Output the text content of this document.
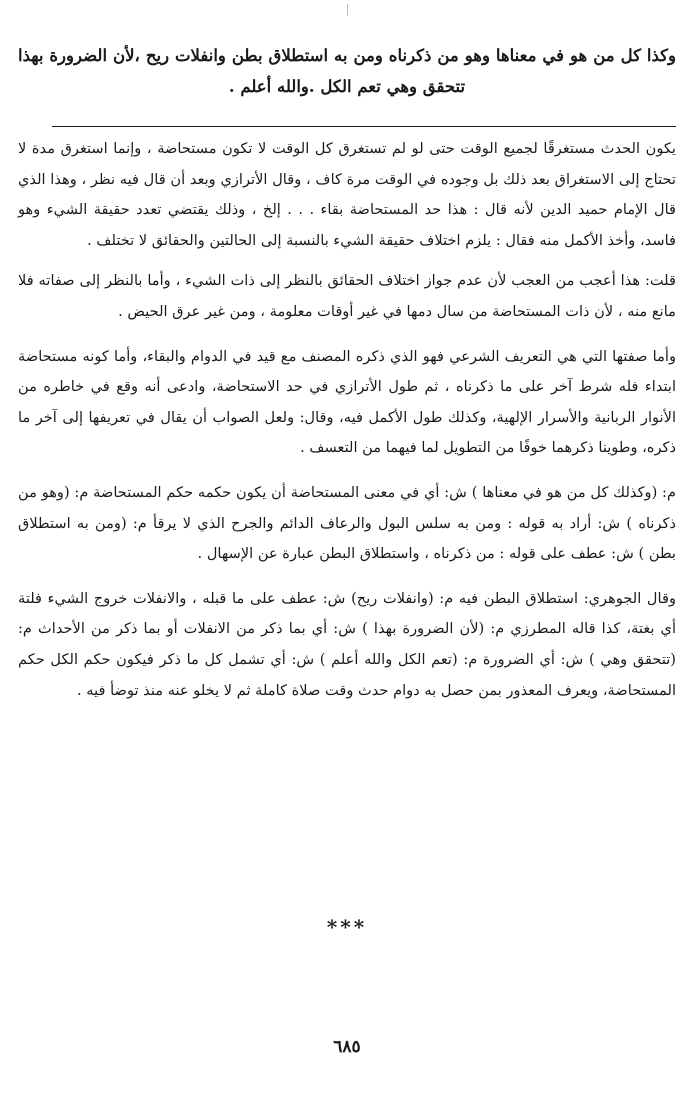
وكذا كل من هو في معناها وهو من ذكرناه ومن به استطلاق بطن وانفلات ريح ،لأن الضرورة بهذا تتحقق وهي تعم الكل .والله أعلم .

يكون الحدث مستغرقًا لجميع الوقت حتى لو لم تستغرق كل الوقت لا تكون مستحاضة ، وإنما استغرق مدة لا تحتاج إلى الاستغراق بعد ذلك بل وجوده في الوقت مرة كاف ، وقال الأترازي وبعد أن قال فيه نظر ، وهذا الذي قال الإمام حميد الدين لأنه قال : هذا حد المستحاضة بقاء . . . إلخ ، وذلك يقتضي تعدد حقيقة الشيء وهو فاسد، وأخذ الأكمل منه فقال : يلزم اختلاف حقيقة الشيء بالنسبة إلى الحالتين والحقائق لا تختلف .

قلت: هذا أعجب من العجب لأن عدم جواز اختلاف الحقائق بالنظر إلى ذات الشيء ، وأما بالنظر إلى صفاته فلا مانع منه ، لأن ذات المستحاضة من سال دمها في غير أوقات معلومة ، ومن غير عرق الحيض .

وأما صفتها التي هي التعريف الشرعي فهو الذي ذكره المصنف مع قيد في الدوام والبقاء، وأما كونه مستحاضة ابتداء فله شرط آخر على ما ذكرناه ، ثم طول الأترازي في حد الاستحاضة، وادعى أنه وقع في خاطره من الأنوار الربانية والأسرار الإلهية، وكذلك طول الأكمل فيه، وقال: ولعل الصواب أن يقال في تعريفها إلى آخر ما ذكره، وطوينا ذكرهما خوفًا من التطويل لما فيهما من التعسف .

م: (وكذلك كل من هو في معناها ) ش: أي في معنى المستحاضة أن يكون حكمه حكم المستحاضة م: (وهو من ذكرناه ) ش: أراد به قوله : ومن به سلس البول والرعاف الدائم والجرح الذي لا يرقأ م: (ومن به استطلاق بطن ) ش: عطف على قوله : من ذكرناه ، واستطلاق البطن عبارة عن الإسهال .

وقال الجوهري: استطلاق البطن فيه م: (وانفلات ريح) ش: عطف على ما قبله ، والانفلات خروج الشيء فلتة أي بغتة، كذا قاله المطرزي م: (لأن الضرورة بهذا ) ش: أي بما ذكر من الانفلات أو بما ذكر من الأحداث م: (تتحقق وهي ) ش: أي الضرورة م: (تعم الكل والله أعلم ) ش: أي تشمل كل ما ذكر فيكون حكم الكل حكم المستحاضة، ويعرف المعذور بمن حصل به دوام حدث وقت صلاة كاملة ثم لا يخلو عنه منذ توضأ فيه .

***
٦٨٥
